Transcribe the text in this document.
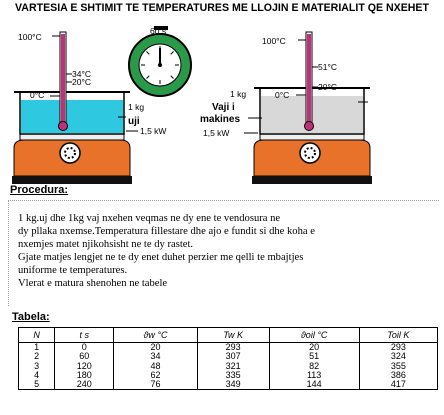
VARTESIA E SHTIMIT TE TEMPERATURES ME LLOJIN E MATERIALIT QE NXEHET
100°C
34°C
20°C
0°C
1 kg
uji
1,5 kW
60 s
100°C
51°C
20°C
0°C
1 kg
Vaji i
makines
1,5 kW
Procedura:
1 kg.uj dhe 1kg vaj nxehen veqmas ne dy ene te vendosura ne
dy pllaka nxemse.Temperatura fillestare dhe ajo e fundit si dhe koha e
nxemjes matet njikohsisht ne te dy rastet.
Gjate matjes lengjet ne te dy enet duhet perzier me qelli te mbajtjes
uniforme te temperatures.
Vlerat e matura shenohen ne tabele
Tabela:
N	t s	ϑw °C	Tw K	ϑoil °C	Toil K
1	0	20	293	20	293
2	60	34	307	51	324
3	120	48	321	82	355
4	180	62	335	113	386
5	240	76	349	144	417
